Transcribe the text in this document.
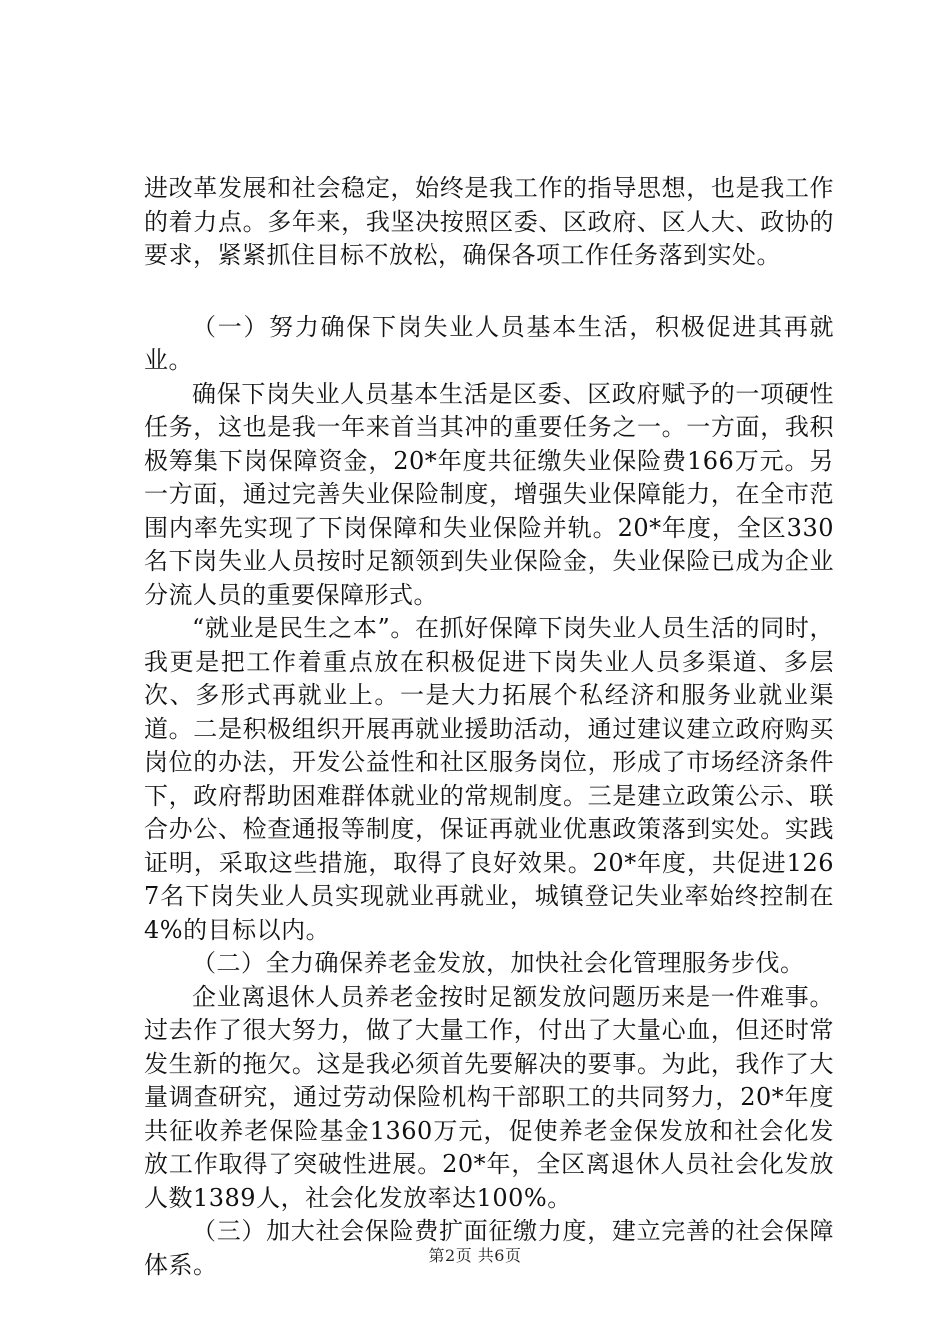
进改革发展和社会稳定，始终是我工作的指导思想，也是我工作的着力点。多年来，我坚决按照区委、区政府、区人大、政协的要求，紧紧抓住目标不放松，确保各项工作任务落到实处。

（一）努力确保下岗失业人员基本生活，积极促进其再就业。

确保下岗失业人员基本生活是区委、区政府赋予的一项硬性任务，这也是我一年来首当其冲的重要任务之一。一方面，我积极筹集下岗保障资金，20*年度共征缴失业保险费166万元。另一方面，通过完善失业保险制度，增强失业保障能力，在全市范围内率先实现了下岗保障和失业保险并轨。20*年度，全区330名下岗失业人员按时足额领到失业保险金，失业保险已成为企业分流人员的重要保障形式。

“就业是民生之本”。在抓好保障下岗失业人员生活的同时，我更是把工作着重点放在积极促进下岗失业人员多渠道、多层次、多形式再就业上。一是大力拓展个私经济和服务业就业渠道。二是积极组织开展再就业援助活动，通过建议建立政府购买岗位的办法，开发公益性和社区服务岗位，形成了市场经济条件下，政府帮助困难群体就业的常规制度。三是建立政策公示、联合办公、检查通报等制度，保证再就业优惠政策落到实处。实践证明，采取这些措施，取得了良好效果。20*年度，共促进1267名下岗失业人员实现就业再就业，城镇登记失业率始终控制在4%的目标以内。

（二）全力确保养老金发放，加快社会化管理服务步伐。

企业离退休人员养老金按时足额发放问题历来是一件难事。过去作了很大努力，做了大量工作，付出了大量心血，但还时常发生新的拖欠。这是我必须首先要解决的要事。为此，我作了大量调查研究，通过劳动保险机构干部职工的共同努力，20*年度共征收养老保险基金1360万元，促使养老金保发放和社会化发放工作取得了突破性进展。20*年，全区离退休人员社会化发放人数1389人，社会化发放率达100%。

（三）加大社会保险费扩面征缴力度，建立完善的社会保障体系。	第2页 共6页
